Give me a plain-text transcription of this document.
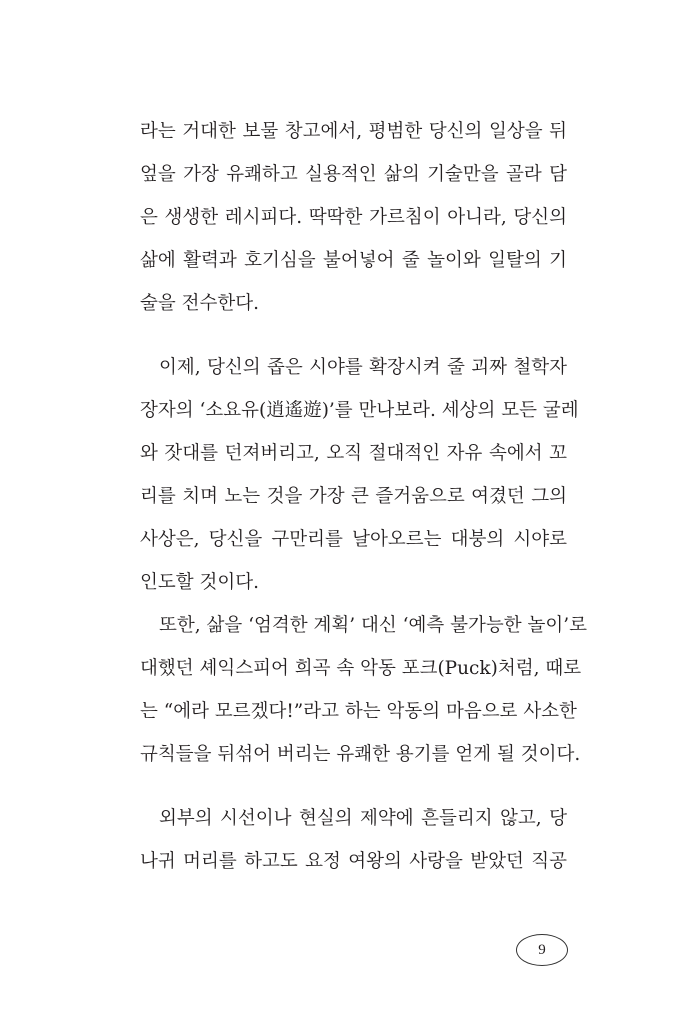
라는 거대한 보물 창고에서, 평범한 당신의 일상을 뒤
엎을 가장 유쾌하고 실용적인 삶의 기술만을 골라 담
은 생생한 레시피다. 딱딱한 가르침이 아니라, 당신의
삶에 활력과 호기심을 불어넣어 줄 놀이와 일탈의 기
술을 전수한다.
이제, 당신의 좁은 시야를 확장시켜 줄 괴짜 철학자
장자의 ‘소요유(逍遙遊)’를 만나보라. 세상의 모든 굴레
와 잣대를 던져버리고, 오직 절대적인 자유 속에서 꼬
리를 치며 노는 것을 가장 큰 즐거움으로 여겼던 그의
사상은, 당신을 구만리를 날아오르는 대붕의 시야로
인도할 것이다.
또한, 삶을 ‘엄격한 계획’ 대신 ‘예측 불가능한 놀이’로
대했던 셰익스피어 희곡 속 악동 포크(Puck)처럼, 때로
는 “에라 모르겠다!”라고 하는 악동의 마음으로 사소한
규칙들을 뒤섞어 버리는 유쾌한 용기를 얻게 될 것이다.
외부의 시선이나 현실의 제약에 흔들리지 않고, 당
나귀 머리를 하고도 요정 여왕의 사랑을 받았던 직공
9
